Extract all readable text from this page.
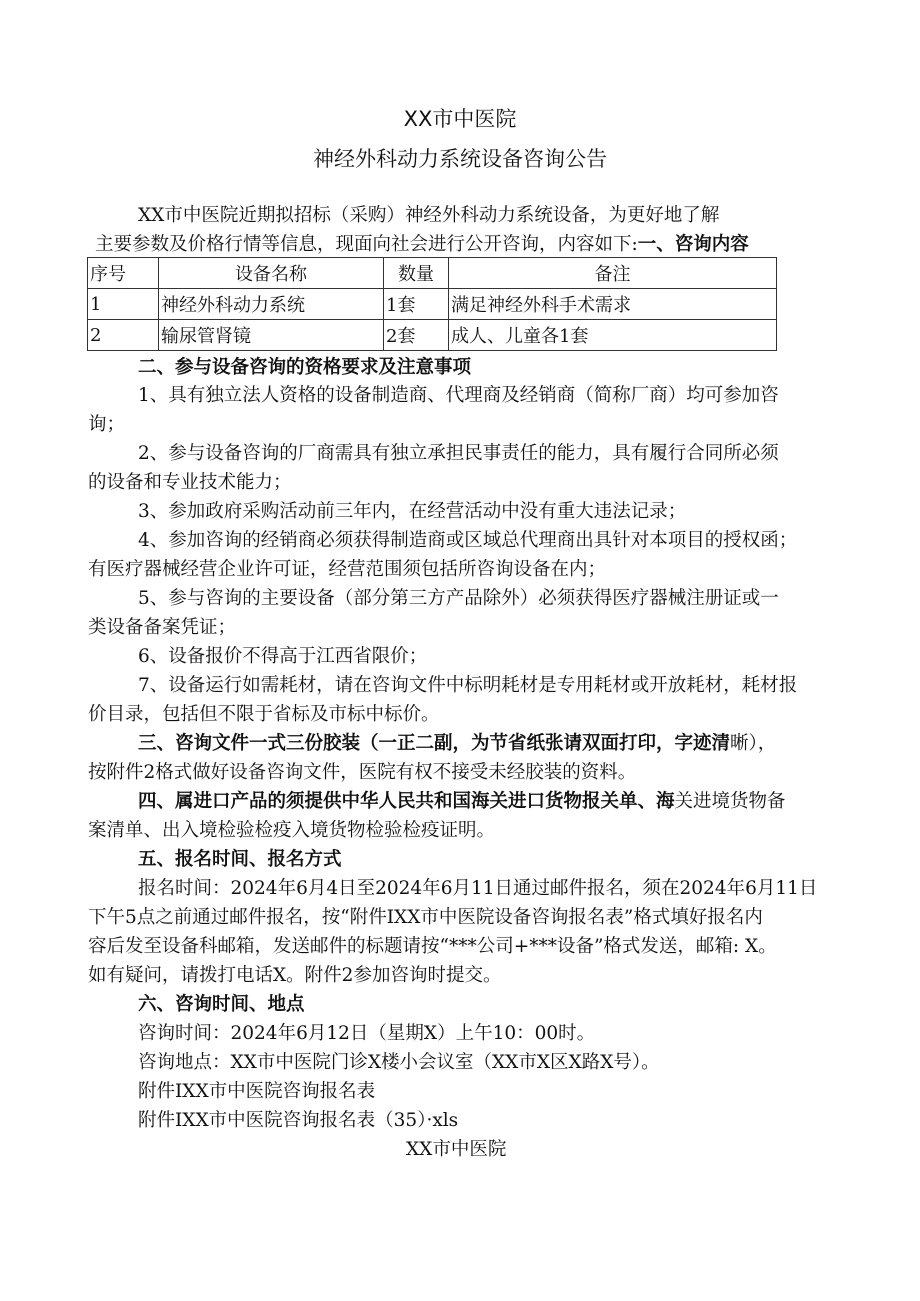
XX市中医院
神经外科动力系统设备咨询公告
XX市中医院近期拟招标（采购）神经外科动力系统设备，为更好地了解
主要参数及价格行情等信息，现面向社会进行公开咨询，内容如下:一、咨询内容
序号	设备名称	数量	备注
1	神经外科动力系统	1套	满足神经外科手术需求
2	输尿管肾镜	2套	成人、儿童各1套
二、参与设备咨询的资格要求及注意事项
1、具有独立法人资格的设备制造商、代理商及经销商（简称厂商）均可参加咨
询；
2、参与设备咨询的厂商需具有独立承担民事责任的能力，具有履行合同所必须
的设备和专业技术能力；
3、参加政府采购活动前三年内，在经营活动中没有重大违法记录；
4、参加咨询的经销商必须获得制造商或区域总代理商出具针对本项目的授权函；
有医疗器械经营企业许可证，经营范围须包括所咨询设备在内；
5、参与咨询的主要设备（部分第三方产品除外）必须获得医疗器械注册证或一
类设备备案凭证；
6、设备报价不得高于江西省限价；
7、设备运行如需耗材，请在咨询文件中标明耗材是专用耗材或开放耗材，耗材报
价目录，包括但不限于省标及市标中标价。
三、咨询文件一式三份胶装（一正二副，为节省纸张请双面打印，字迹清晰），
按附件2格式做好设备咨询文件，医院有权不接受未经胶装的资料。
四、属进口产品的须提供中华人民共和国海关进口货物报关单、海关进境货物备
案清单、出入境检验检疫入境货物检验检疫证明。
五、报名时间、报名方式
报名时间：2024年6月4日至2024年6月11日通过邮件报名，须在2024年6月11日
下午5点之前通过邮件报名，按“附件IXX市中医院设备咨询报名表”格式填好报名内
容后发至设备科邮箱，发送邮件的标题请按“***公司+***设备”格式发送，邮箱: X。
如有疑问，请拨打电话X。附件2参加咨询时提交。
六、咨询时间、地点
咨询时间：2024年6月12日（星期X）上午10：00时。
咨询地点：XX市中医院门诊X楼小会议室（XX市X区X路X号）。
附件IXX市中医院咨询报名表
附件IXX市中医院咨询报名表（35）·xls
XX市中医院
